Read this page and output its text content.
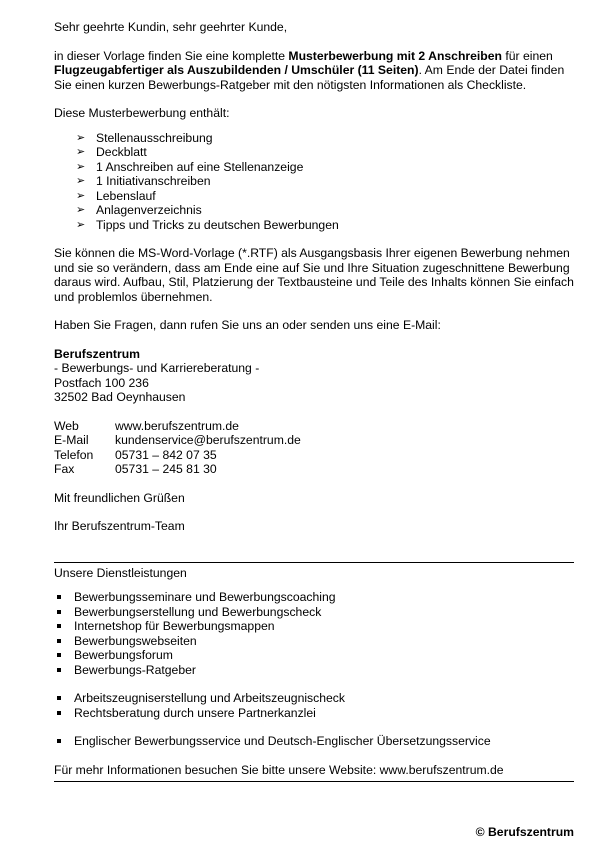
Sehr geehrte Kundin, sehr geehrter Kunde,

in dieser Vorlage finden Sie eine komplette Musterbewerbung mit 2 Anschreiben für einen Flugzeugabfertiger als Auszubildenden / Umschüler (11 Seiten). Am Ende der Datei finden Sie einen kurzen Bewerbungs-Ratgeber mit den nötigsten Informationen als Checkliste.

Diese Musterbewerbung enthält:

➢ Stellenausschreibung
➢ Deckblatt
➢ 1 Anschreiben auf eine Stellenanzeige
➢ 1 Initiativanschreiben
➢ Lebenslauf
➢ Anlagenverzeichnis
➢ Tipps und Tricks zu deutschen Bewerbungen

Sie können die MS-Word-Vorlage (*.RTF) als Ausgangsbasis Ihrer eigenen Bewerbung nehmen und sie so verändern, dass am Ende eine auf Sie und Ihre Situation zugeschnittene Bewerbung daraus wird. Aufbau, Stil, Platzierung der Textbausteine und Teile des Inhalts können Sie einfach und problemlos übernehmen.

Haben Sie Fragen, dann rufen Sie uns an oder senden uns eine E-Mail:

Berufszentrum

- Bewerbungs- und Karriereberatung -

Postfach 100 236

32502 Bad Oeynhausen

Web	www.berufszentrum.de
E-Mail	kundenservice@berufszentrum.de
Telefon	05731 – 842 07 35
Fax	05731 – 245 81 30

Mit freundlichen Grüßen

Ihr Berufszentrum-Team

Unsere Dienstleistungen

Bewerbungsseminare und Bewerbungscoaching
Bewerbungserstellung und Bewerbungscheck
Internetshop für Bewerbungsmappen
Bewerbungswebseiten
Bewerbungsforum
Bewerbungs-Ratgeber
Arbeitszeugniserstellung und Arbeitszeugnischeck
Rechtsberatung durch unsere Partnerkanzlei
Englischer Bewerbungsservice und Deutsch-Englischer Übersetzungsservice

Für mehr Informationen besuchen Sie bitte unsere Website: www.berufszentrum.de

© Berufszentrum
